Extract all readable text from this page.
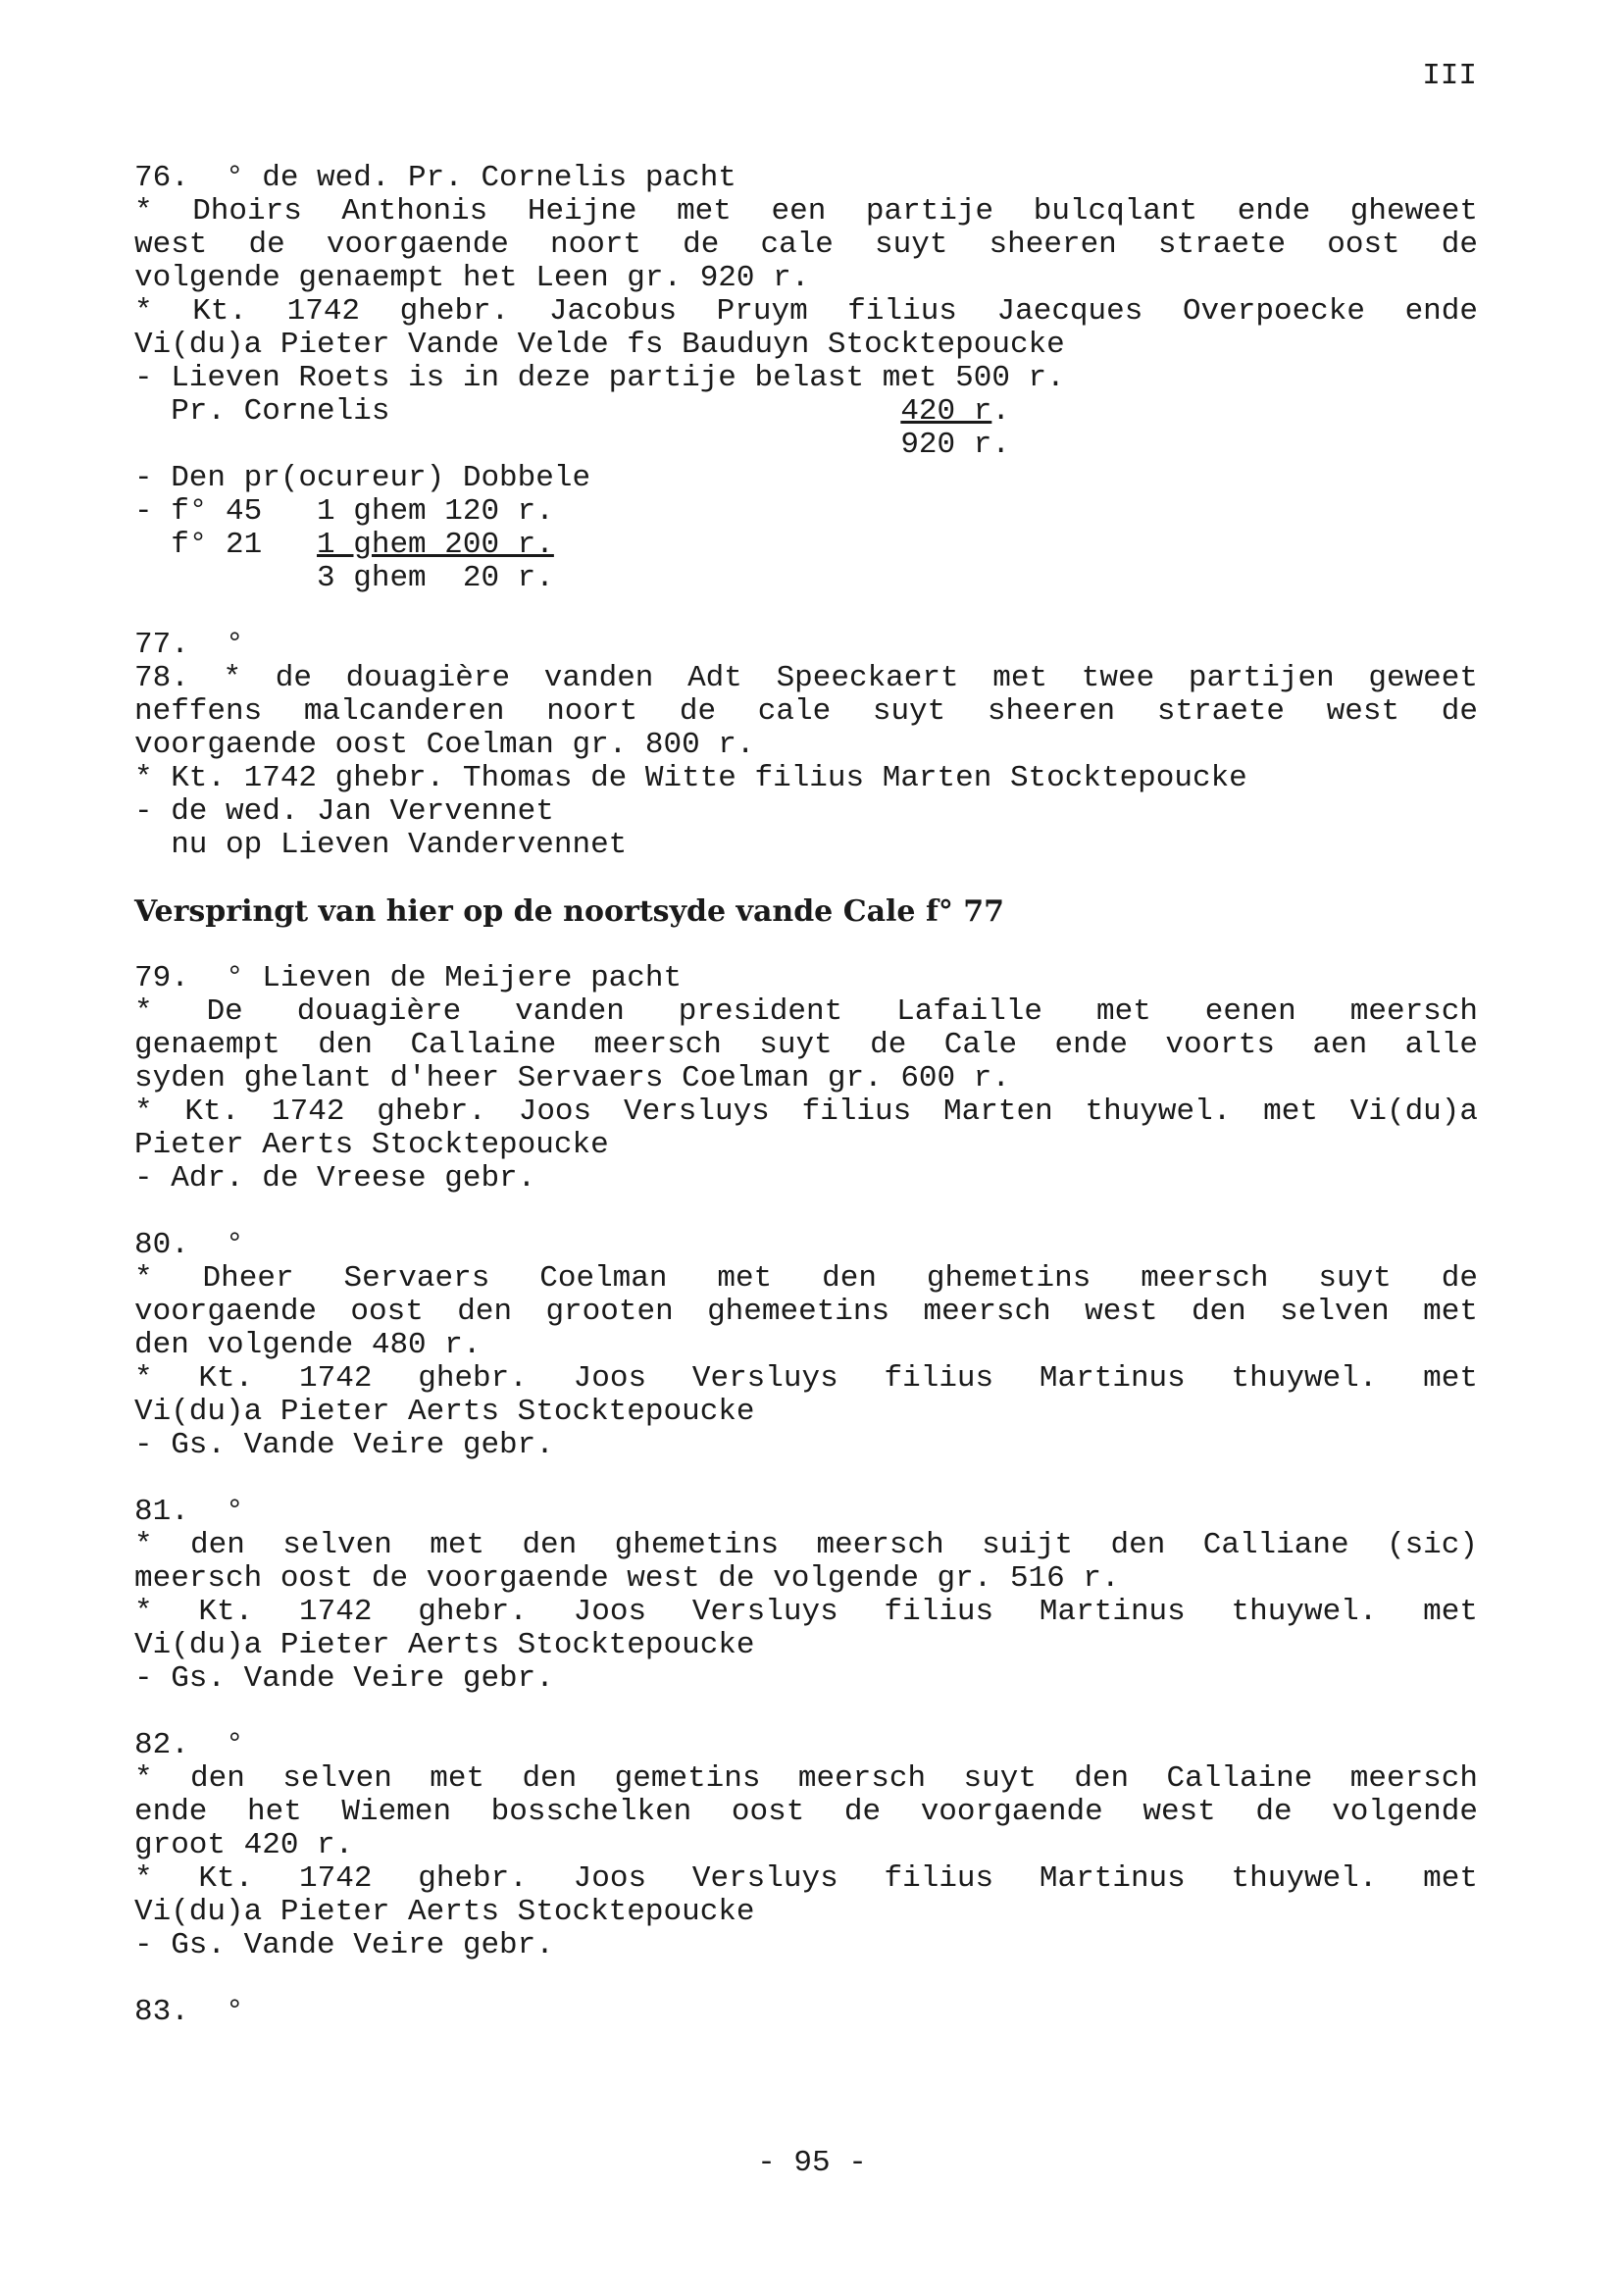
III
76.  ° de wed. Pr. Cornelis pacht
* Dhoirs Anthonis Heijne met een partije bulcqlant ende gheweet
west de voorgaende noort de cale suyt sheeren straete oost de
volgende genaempt het Leen gr. 920 r.
* Kt. 1742 ghebr. Jacobus Pruym filius Jaecques Overpoecke ende
Vi(du)a Pieter Vande Velde fs Bauduyn Stocktepoucke
- Lieven Roets is in deze partije belast met 500 r.
Pr. Cornelis                            420 r.
920 r.
- Den pr(ocureur) Dobbele
- f° 45   1 ghem 120 r.
f° 21   1 ghem 200 r.
3 ghem  20 r.
77.  °
78. * de douagière vanden Adt Speeckaert met twee partijen geweet
neffens malcanderen noort de cale suyt sheeren straete west de
voorgaende oost Coelman gr. 800 r.
* Kt. 1742 ghebr. Thomas de Witte filius Marten Stocktepoucke
- de wed. Jan Vervennet
nu op Lieven Vandervennet
Verspringt van hier op de noortsyde vande Cale f° 77
79.  ° Lieven de Meijere pacht
* De douagière vanden president Lafaille met eenen meersch
genaempt den Callaine meersch suyt de Cale ende voorts aen alle
syden ghelant d'heer Servaers Coelman gr. 600 r.
* Kt. 1742 ghebr. Joos Versluys filius Marten thuywel. met Vi(du)a
Pieter Aerts Stocktepoucke
- Adr. de Vreese gebr.
80.  °
* Dheer Servaers Coelman met den ghemetins meersch suyt de
voorgaende oost den grooten ghemeetins meersch west den selven met
den volgende 480 r.
* Kt. 1742 ghebr. Joos Versluys filius Martinus thuywel. met
Vi(du)a Pieter Aerts Stocktepoucke
- Gs. Vande Veire gebr.
81.  °
* den selven met den ghemetins meersch suijt den Calliane (sic)
meersch oost de voorgaende west de volgende gr. 516 r.
* Kt. 1742 ghebr. Joos Versluys filius Martinus thuywel. met
Vi(du)a Pieter Aerts Stocktepoucke
- Gs. Vande Veire gebr.
82.  °
* den selven met den gemetins meersch suyt den Callaine meersch
ende het Wiemen bosschelken oost de voorgaende west de volgende
groot 420 r.
* Kt. 1742 ghebr. Joos Versluys filius Martinus thuywel. met
Vi(du)a Pieter Aerts Stocktepoucke
- Gs. Vande Veire gebr.
83.  °
- 95 -
